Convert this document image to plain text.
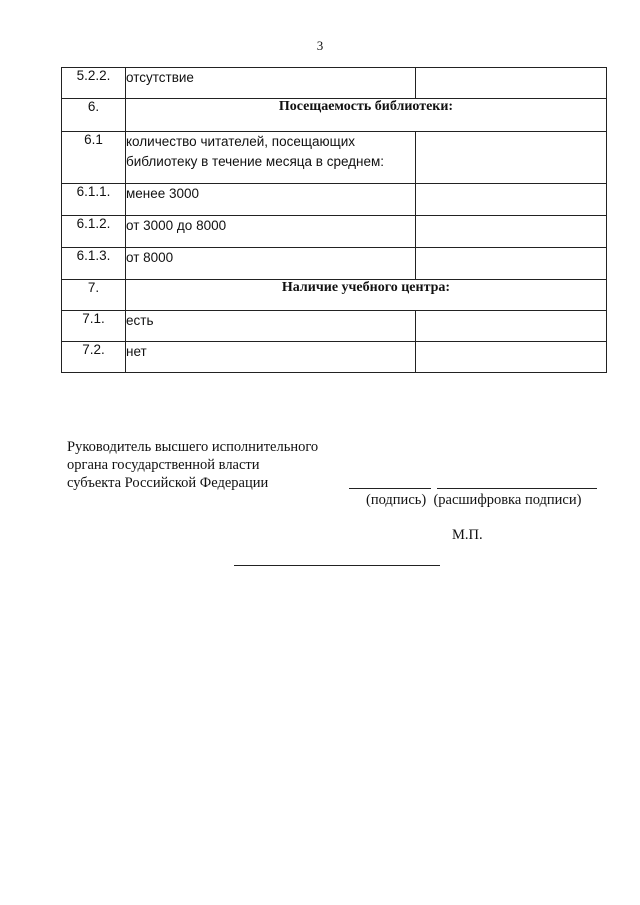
3
5.2.2.	отсутствие	
6.	Посещаемость библиотеки:	
6.1	количество читателей, посещающих библиотеку в течение месяца в среднем:	
6.1.1.	менее 3000	
6.1.2.	от 3000 до 8000	
6.1.3.	от 8000	
7.	Наличие учебного центра:	
7.1.	есть	
7.2.	нет	
Руководитель высшего исполнительного
органа государственной власти
субъекта Российской Федерации
(подпись)  (расшифровка подписи)
М.П.
